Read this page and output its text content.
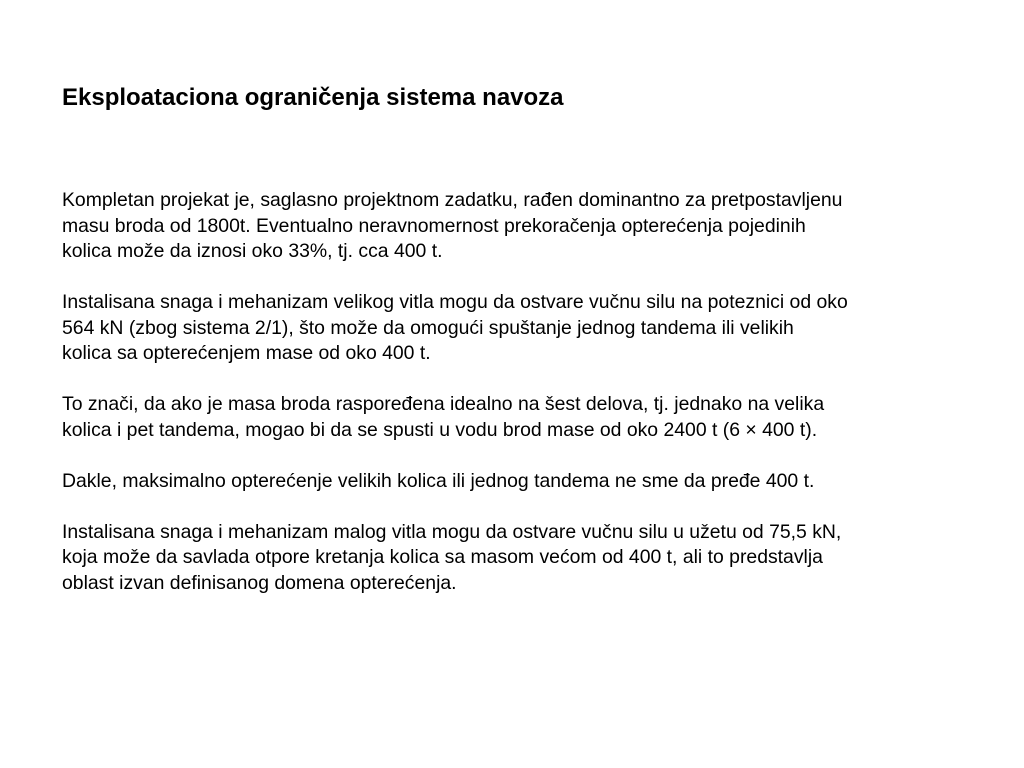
Eksploataciona ograničenja sistema navoza

Kompletan projekat je, saglasno projektnom zadatku, rađen dominantno za pretpostavljenu
masu broda od 1800t. Eventualno neravnomernost prekoračenja opterećenja pojedinih
kolica može da iznosi oko 33%, tj. cca 400 t.

Instalisana snaga i mehanizam velikog vitla mogu da ostvare vučnu silu na poteznici od oko
564 kN (zbog sistema 2/1), što može da omogući spuštanje jednog tandema ili velikih
kolica sa opterećenjem mase od oko 400 t.

To znači, da ako je masa broda raspoređena idealno na šest delova, tj. jednako na velika
kolica i pet tandema, mogao bi da se spusti u vodu brod mase od oko 2400 t (6 × 400 t).

Dakle, maksimalno opterećenje velikih kolica ili jednog tandema ne sme da pređe 400 t.

Instalisana snaga i mehanizam malog vitla mogu da ostvare vučnu silu u užetu od 75,5 kN,
koja može da savlada otpore kretanja kolica sa masom većom od 400 t, ali to predstavlja
oblast izvan definisanog domena opterećenja.
